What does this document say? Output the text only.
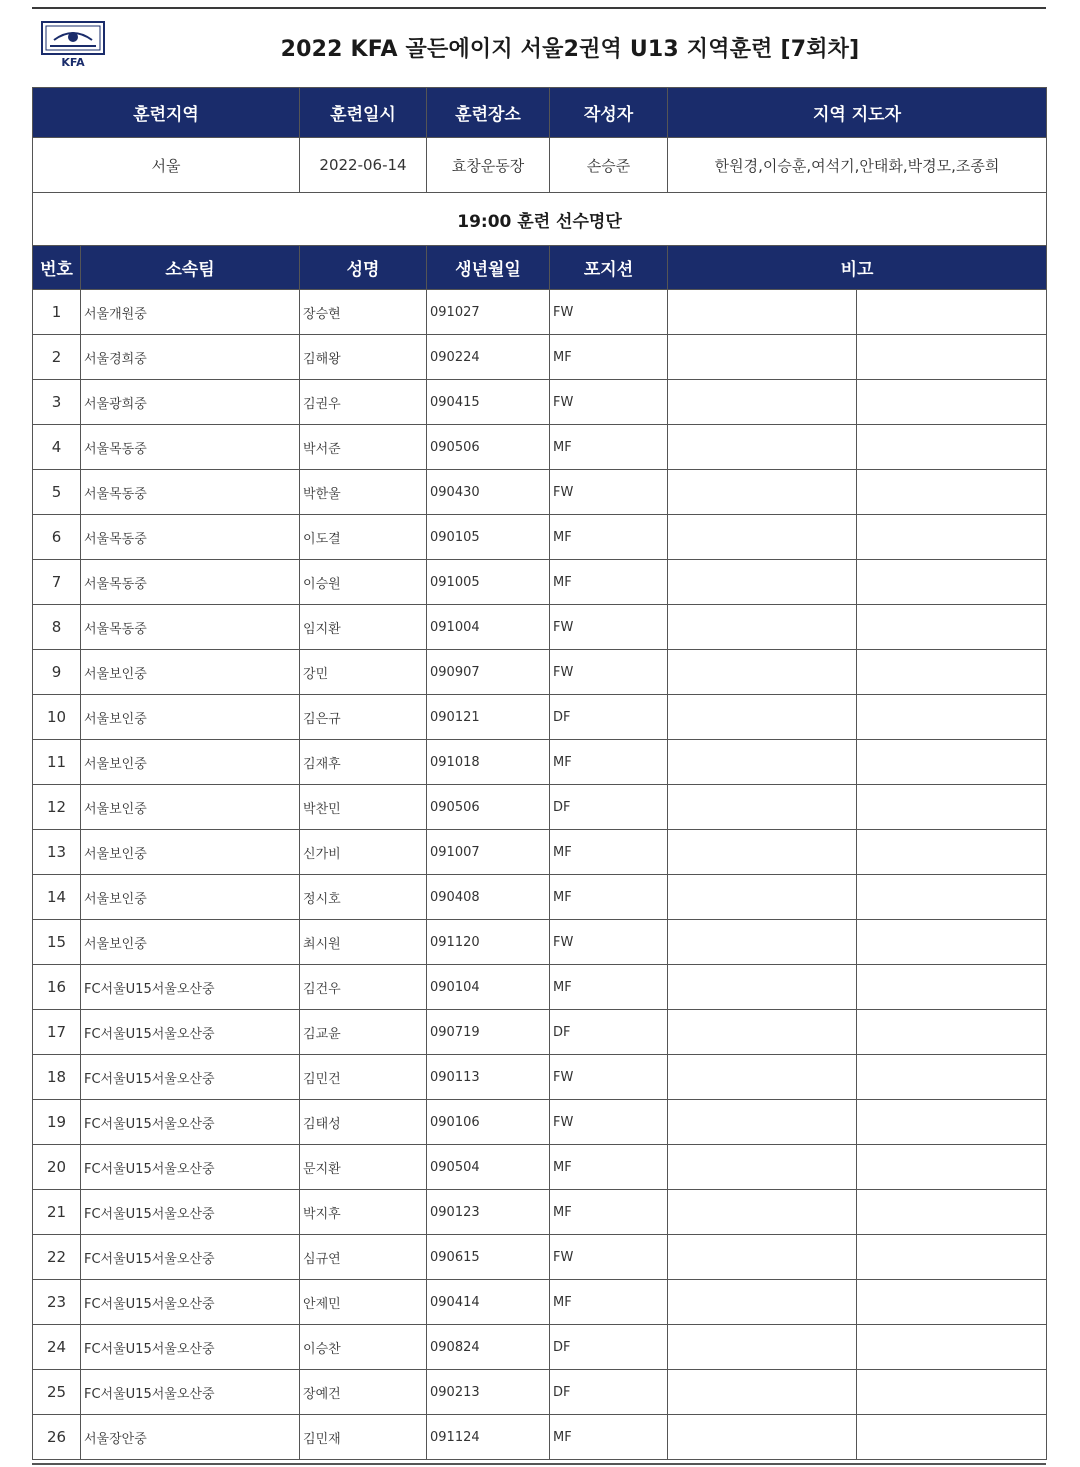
KFA
2022 KFA 골든에이지 서울2권역 U13 지역훈련 [7회차]
훈련지역		훈련일시	훈련장소	작성자	지역 지도자	
서울		2022-06-14	효창운동장	손승준	한원경,이승훈,여석기,안태화,박경모,조종희	
19:00 훈련 선수명단						
번호	소속팀	성명	생년월일	포지션	비고	
1	서울개원중	장승현	091027	FW		
2	서울경희중	김해왕	090224	MF		
3	서울광희중	김권우	090415	FW		
4	서울목동중	박서준	090506	MF		
5	서울목동중	박한울	090430	FW		
6	서울목동중	이도결	090105	MF		
7	서울목동중	이승원	091005	MF		
8	서울목동중	임지환	091004	FW		
9	서울보인중	강민	090907	FW		
10	서울보인중	김은규	090121	DF		
11	서울보인중	김재후	091018	MF		
12	서울보인중	박찬민	090506	DF		
13	서울보인중	신가비	091007	MF		
14	서울보인중	정시호	090408	MF		
15	서울보인중	최시원	091120	FW		
16	FC서울U15서울오산중	김건우	090104	MF		
17	FC서울U15서울오산중	김교윤	090719	DF		
18	FC서울U15서울오산중	김민건	090113	FW		
19	FC서울U15서울오산중	김태성	090106	FW		
20	FC서울U15서울오산중	문지환	090504	MF		
21	FC서울U15서울오산중	박지후	090123	MF		
22	FC서울U15서울오산중	심규연	090615	FW		
23	FC서울U15서울오산중	안제민	090414	MF		
24	FC서울U15서울오산중	이승찬	090824	DF		
25	FC서울U15서울오산중	장예건	090213	DF		
26	서울장안중	김민재	091124	MF		
